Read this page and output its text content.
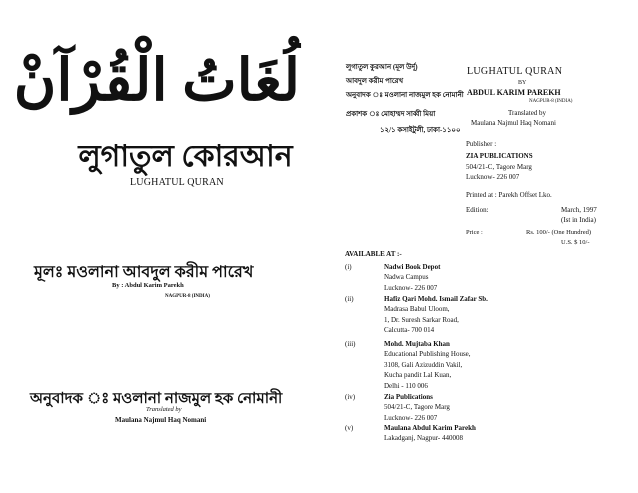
لُغَاتُ الْقُرْآنْ
লুগাতুল কোরআন
LUGHATUL QURAN
মূলঃ মওলানা আবদুল করীম পারেখ
By : Abdul Karim Parekh
NAGPUR-8 (INDIA)
অনুবাদক ঃ মওলানা নাজমুল হক নোমানী
Translated by
Maulana Najmul Haq Nomani
লুগাতুল কুরআন (মূল উর্দূ)
আবদুল করীম পারেখ
অনুবাদক ঃ মওলানা নাজমুল হক নোমানী
প্রকাশক ঃ মোহাম্মদ সাব্বী মিয়া
১২/১ কসাইটুলী, ঢাকা-১১০০
LUGHATUL QURAN
BY
ABDUL KARIM PAREKH
NAGPUR-8 (INDIA)
Translated by
Maulana Najmul Haq Nomani
Publisher :
ZIA PUBLICATIONS
504/21-C, Tagore Marg
Lucknow- 226 007
Printed at : Parekh Offset Lko.
Edition:	March, 1997
(Ist in India)
Price :	Rs. 100/- (One Hundred)
U.S. $ 10/-
AVAILABLE AT :-
(i)	Nadwi Book Depot
Nadwa Campus
Lucknow- 226 007
(ii)	Hafiz Qari Mohd. Ismail Zafar Sb.
Madrasa Babul Uloom,
1, Dr. Suresh Sarkar Road,
Calcutta- 700 014
(iii)	Mohd. Mujtaba Khan
Educational Publishing House,
3108, Gali Azizuddin Vakil,
Kucha pandit Lal Kuan,
Delhi - 110 006
(iv)	Zia Publications
504/21-C, Tagore Marg
Lucknow- 226 007
(v)	Maulana Abdul Karim Parekh
Lakadganj, Nagpur- 440008
